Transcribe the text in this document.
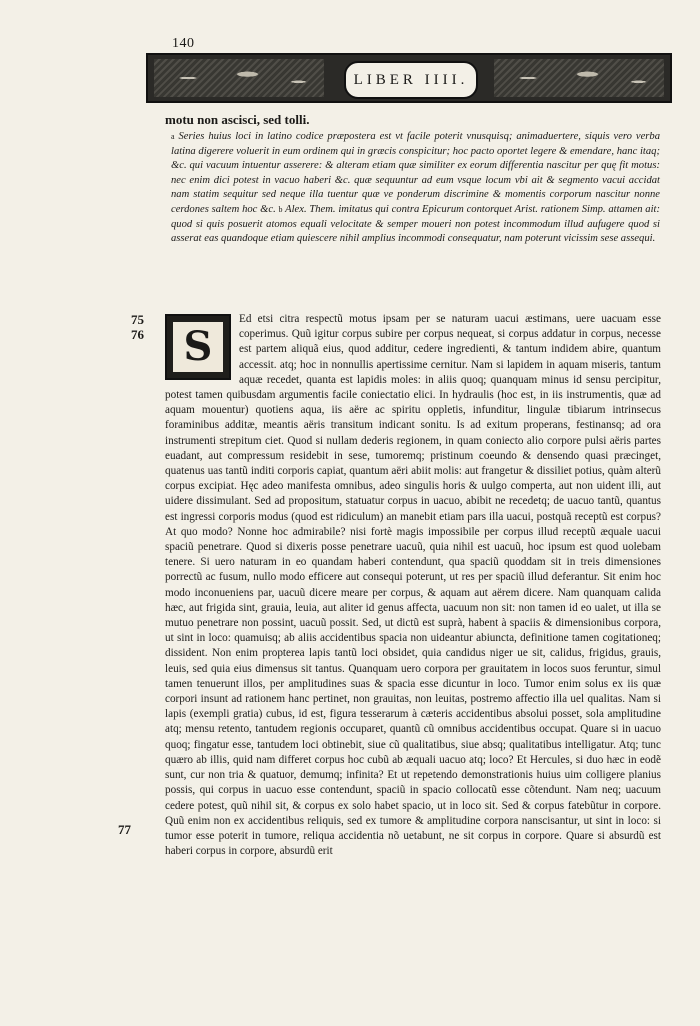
140
LIBER IIII.
75
76
77
motu non ascisci, sed tolli.

$^a$ Series huius loci in latino codice præpostera est vt facile poterit vnusquisq; animaduertere, siquis vero verba latina digerere voluerit in eum ordinem qui in græcis conspicitur; hoc pacto oportet legere & emendare, hanc itaq; &c. qui vacuum intuentur asserere: & alteram etiam quæ similiter ex eorum differentia nascitur per quę fit motus: nec enim dici potest in vacuo haberi &c. quæ sequuntur ad eum vsque locum vbi ait & segmento vacui accidat nam statim sequitur sed neque illa tuentur quæ ve ponderum discrimine & momentis corporum nascitur nonne cerdones saltem hoc &c. $^b$ Alex. Them. imitatus qui contra Epicurum contorquet Arist. rationem Simp. attamen ait: quod si quis posuerit atomos equali velocitate & semper moueri non potest incommodum illud aufugere quod si asserat eas quandoque etiam quiescere nihil amplius incommodi consequatur, nam poterunt vicissim sese assequi.

S

Ed etsi citra respectũ motus ipsam per se naturam uacui æstimans, uere uacuam esse coperimus. Quũ igitur corpus subire per corpus nequeat, si corpus addatur in corpus, necesse est partem aliquã eius, quod additur, cedere ingredienti, & tantum indidem abire, quantum accessit. atq; hoc in nonnullis apertissime cernitur. Nam si lapidem in aquam miseris, tantum aquæ recedet, quanta est lapidis moles: in aliis quoq; quanquam minus id sensu percipitur, potest tamen quibusdam argumentis facile coniectatio elici. In hydraulis (hoc est, in iis instrumentis, quæ ad aquam mouentur) quotiens aqua, iis aëre ac spiritu oppletis, infunditur, lingulæ tibiarum intrinsecus foraminibus additæ, meantis aëris transitum indicant sonitu. Is ad exitum properans, festinansq; ad ora instrumenti strepitum ciet. Quod si nullam dederis regionem, in quam coniecto alio corpore pulsi aëris partes euadant, aut compressum residebit in sese, tumoremq; pristinum coeundo & densendo quasi præcinget, quatenus uas tantũ inditi corporis capiat, quantum aëri abiit molis: aut frangetur & dissiliet potius, quàm alterũ corpus excipiat. Hęc adeo manifesta omnibus, adeo singulis horis & uulgo comperta, aut non uident illi, aut uidere dissimulant. Sed ad propositum, statuatur corpus in uacuo, abibit ne recedetq; de uacuo tantũ, quantus est ingressi corporis modus (quod est ridiculum) an manebit etiam pars illa uacui, postquã receptũ est corpus? At quo modo? Nonne hoc admirabile? nisi fortè magis impossibile per corpus illud receptũ æquale uacui spaciũ penetrare. Quod si dixeris posse penetrare uacuũ, quia nihil est uacuũ, hoc ipsum est quod uolebam tenere. Si uero naturam in eo quandam haberi contendunt, qua spaciũ quoddam sit in treis dimensiones porrectũ ac fusum, nullo modo efficere aut consequi poterunt, ut res per spaciũ illud deferantur. Sit enim hoc modo inconueniens par, uacuũ dicere meare per corpus, & aquam aut aërem dicere. Nam quanquam calida hæc, aut frigida sint, grauia, leuia, aut aliter id genus affecta, uacuum non sit: non tamen id eo ualet, ut illa se mutuo penetrare non possint, uacuũ possit. Sed, ut dictũ est suprà, habent à spaciis & dimensionibus corpora, ut sint in loco: quamuisq; ab aliis accidentibus spacia non uideantur abiuncta, definitione tamen cogitationeq; dissident. Non enim propterea lapis tantũ loci obsidet, quia candidus niger ue sit, calidus, frigidus, grauis, leuis, sed quia eius dimensus sit tantus. Quanquam uero corpora per grauitatem in locos suos feruntur, simul tamen tenuerunt illos, per amplitudines suas & spacia esse dicuntur in loco. Tumor enim solus ex iis quæ corpori insunt ad rationem hanc pertinet, non grauitas, non leuitas, postremo affectio illa uel qualitas. Nam si lapis (exempli gratia) cubus, id est, figura tesserarum à cæteris accidentibus absolui posset, sola amplitudine atq; mensu retento, tantudem regionis occuparet, quantũ cũ omnibus accidentibus occupat. Quare si in uacuo quoq; fingatur esse, tantudem loci obtinebit, siue cũ qualitatibus, siue absq; qualitatibus intelligatur. Atq; tunc quæro ab illis, quid nam differet corpus hoc cubũ ab æquali uacuo atq; loco? Et Hercules, si duo hæc in eodẽ sunt, cur non tria & quatuor, demumq; infinita? Et ut repetendo demonstrationis huius uim colligere planius possis, qui corpus in uacuo esse contendunt, spaciũ in spacio collocatũ esse cõtendunt. Nam neq; uacuum cedere potest, quũ nihil sit, & corpus ex solo habet spacio, ut in loco sit. Sed & corpus fatebũtur in corpore. Quũ enim non ex accidentibus reliquis, sed ex tumore & amplitudine corpora nanscisantur, ut sint in loco: si tumor esse poterit in tumore, reliqua accidentia nõ uetabunt, ne sit corpus in corpore. Quare si absurdũ est haberi corpus in corpore, absurdũ erit
